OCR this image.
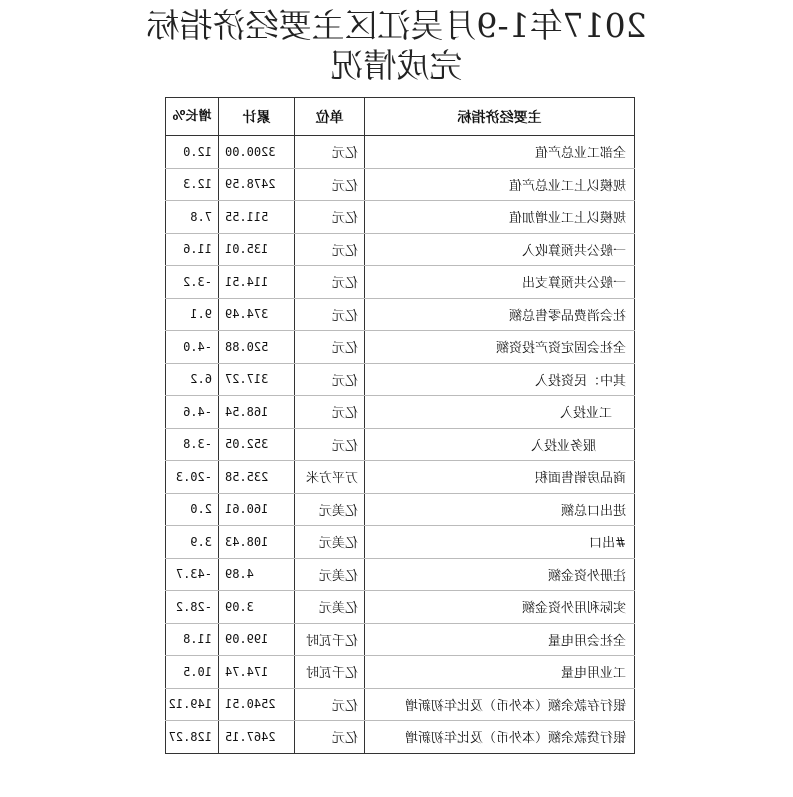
2017年1-9月吴江区主要经济指标
完成情况
主要经济指标	单位	累计	增长%
全部工业总产值	亿元	3200.00	12.0
规模以上工业总产值	亿元	2478.59	12.3
规模以上工业增加值	亿元	511.55	7.8
一般公共预算收入	亿元	135.01	11.6
一般公共预算支出	亿元	114.51	-3.2
社会消费品零售总额	亿元	374.49	9.1
全社会固定资产投资额	亿元	520.88	-4.0
其中：民资投入	亿元	317.27	6.2
工业投入	亿元	168.54	-4.6
服务业投入	亿元	352.05	-3.8
商品房销售面积	万平方米	235.58	-20.3
进出口总额	亿美元	160.61	2.0
#出口	亿美元	108.43	3.9
注册外资金额	亿美元	4.89	-43.7
实际利用外资金额	亿美元	3.09	-28.2
全社会用电量	亿千瓦时	199.09	11.8
工业用电量	亿千瓦时	174.74	10.5
银行存款余额（本外币）及比年初新增	亿元	2540.51	149.12
银行贷款余额（本外币）及比年初新增	亿元	2467.15	128.27
